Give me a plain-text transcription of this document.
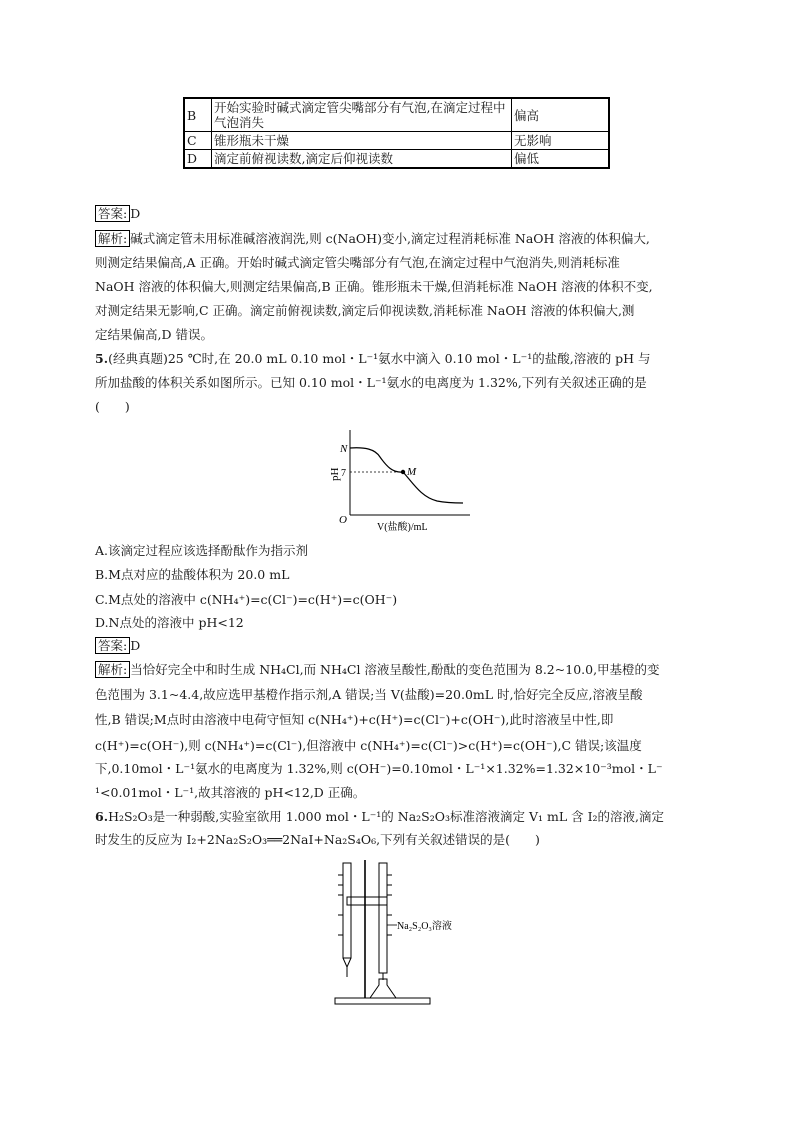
B	开始实验时碱式滴定管尖嘴部分有气泡,在滴定过程中气泡消失	偏高
C	锥形瓶未干燥	无影响
D	滴定前俯视读数,滴定后仰视读数	偏低
答案: D
解析: 碱式滴定管未用标准碱溶液润洗,则 c(NaOH)变小,滴定过程消耗标准 NaOH 溶液的体积偏大,
则测定结果偏高,A 正确。开始时碱式滴定管尖嘴部分有气泡,在滴定过程中气泡消失,则消耗标准
NaOH 溶液的体积偏大,则测定结果偏高,B 正确。锥形瓶未干燥,但消耗标准 NaOH 溶液的体积不变,
对测定结果无影响,C 正确。滴定前俯视读数,滴定后仰视读数,消耗标准 NaOH 溶液的体积偏大,测
定结果偏高,D 错误。
5.(经典真题)25 ℃时,在 20.0 mL 0.10 mol・L⁻¹氨水中滴入 0.10 mol・L⁻¹的盐酸,溶液的 pH 与
所加盐酸的体积关系如图所示。已知 0.10 mol・L⁻¹氨水的电离度为 1.32%,下列有关叙述正确的是
(　　)
pH
N
7	M
O
V(盐酸)/mL
A.该滴定过程应该选择酚酞作为指示剂
B.M点对应的盐酸体积为 20.0 mL
C.M点处的溶液中 c(NH₄⁺)=c(Cl⁻)=c(H⁺)=c(OH⁻)
D.N点处的溶液中 pH<12
答案: D
解析: 当恰好完全中和时生成 NH₄Cl,而 NH₄Cl 溶液呈酸性,酚酞的变色范围为 8.2~10.0,甲基橙的变
色范围为 3.1~4.4,故应选甲基橙作指示剂,A 错误;当 V(盐酸)=20.0mL 时,恰好完全反应,溶液呈酸
性,B 错误;M点时由溶液中电荷守恒知 c(NH₄⁺)+c(H⁺)=c(Cl⁻)+c(OH⁻),此时溶液呈中性,即
c(H⁺)=c(OH⁻),则 c(NH₄⁺)=c(Cl⁻),但溶液中 c(NH₄⁺)=c(Cl⁻)>c(H⁺)=c(OH⁻),C 错误;该温度
下,0.10mol・L⁻¹氨水的电离度为 1.32%,则 c(OH⁻)=0.10mol・L⁻¹×1.32%=1.32×10⁻³mol・L⁻
¹<0.01mol・L⁻¹,故其溶液的 pH<12,D 正确。
6.H₂S₂O₃是一种弱酸,实验室欲用 1.000 mol・L⁻¹的 Na₂S₂O₃标准溶液滴定 V₁ mL 含 I₂的溶液,滴定
时发生的反应为 I₂+2Na₂S₂O₃══2NaI+Na₂S₄O₆,下列有关叙述错误的是(　　)
Na₂S₂O₃溶液
